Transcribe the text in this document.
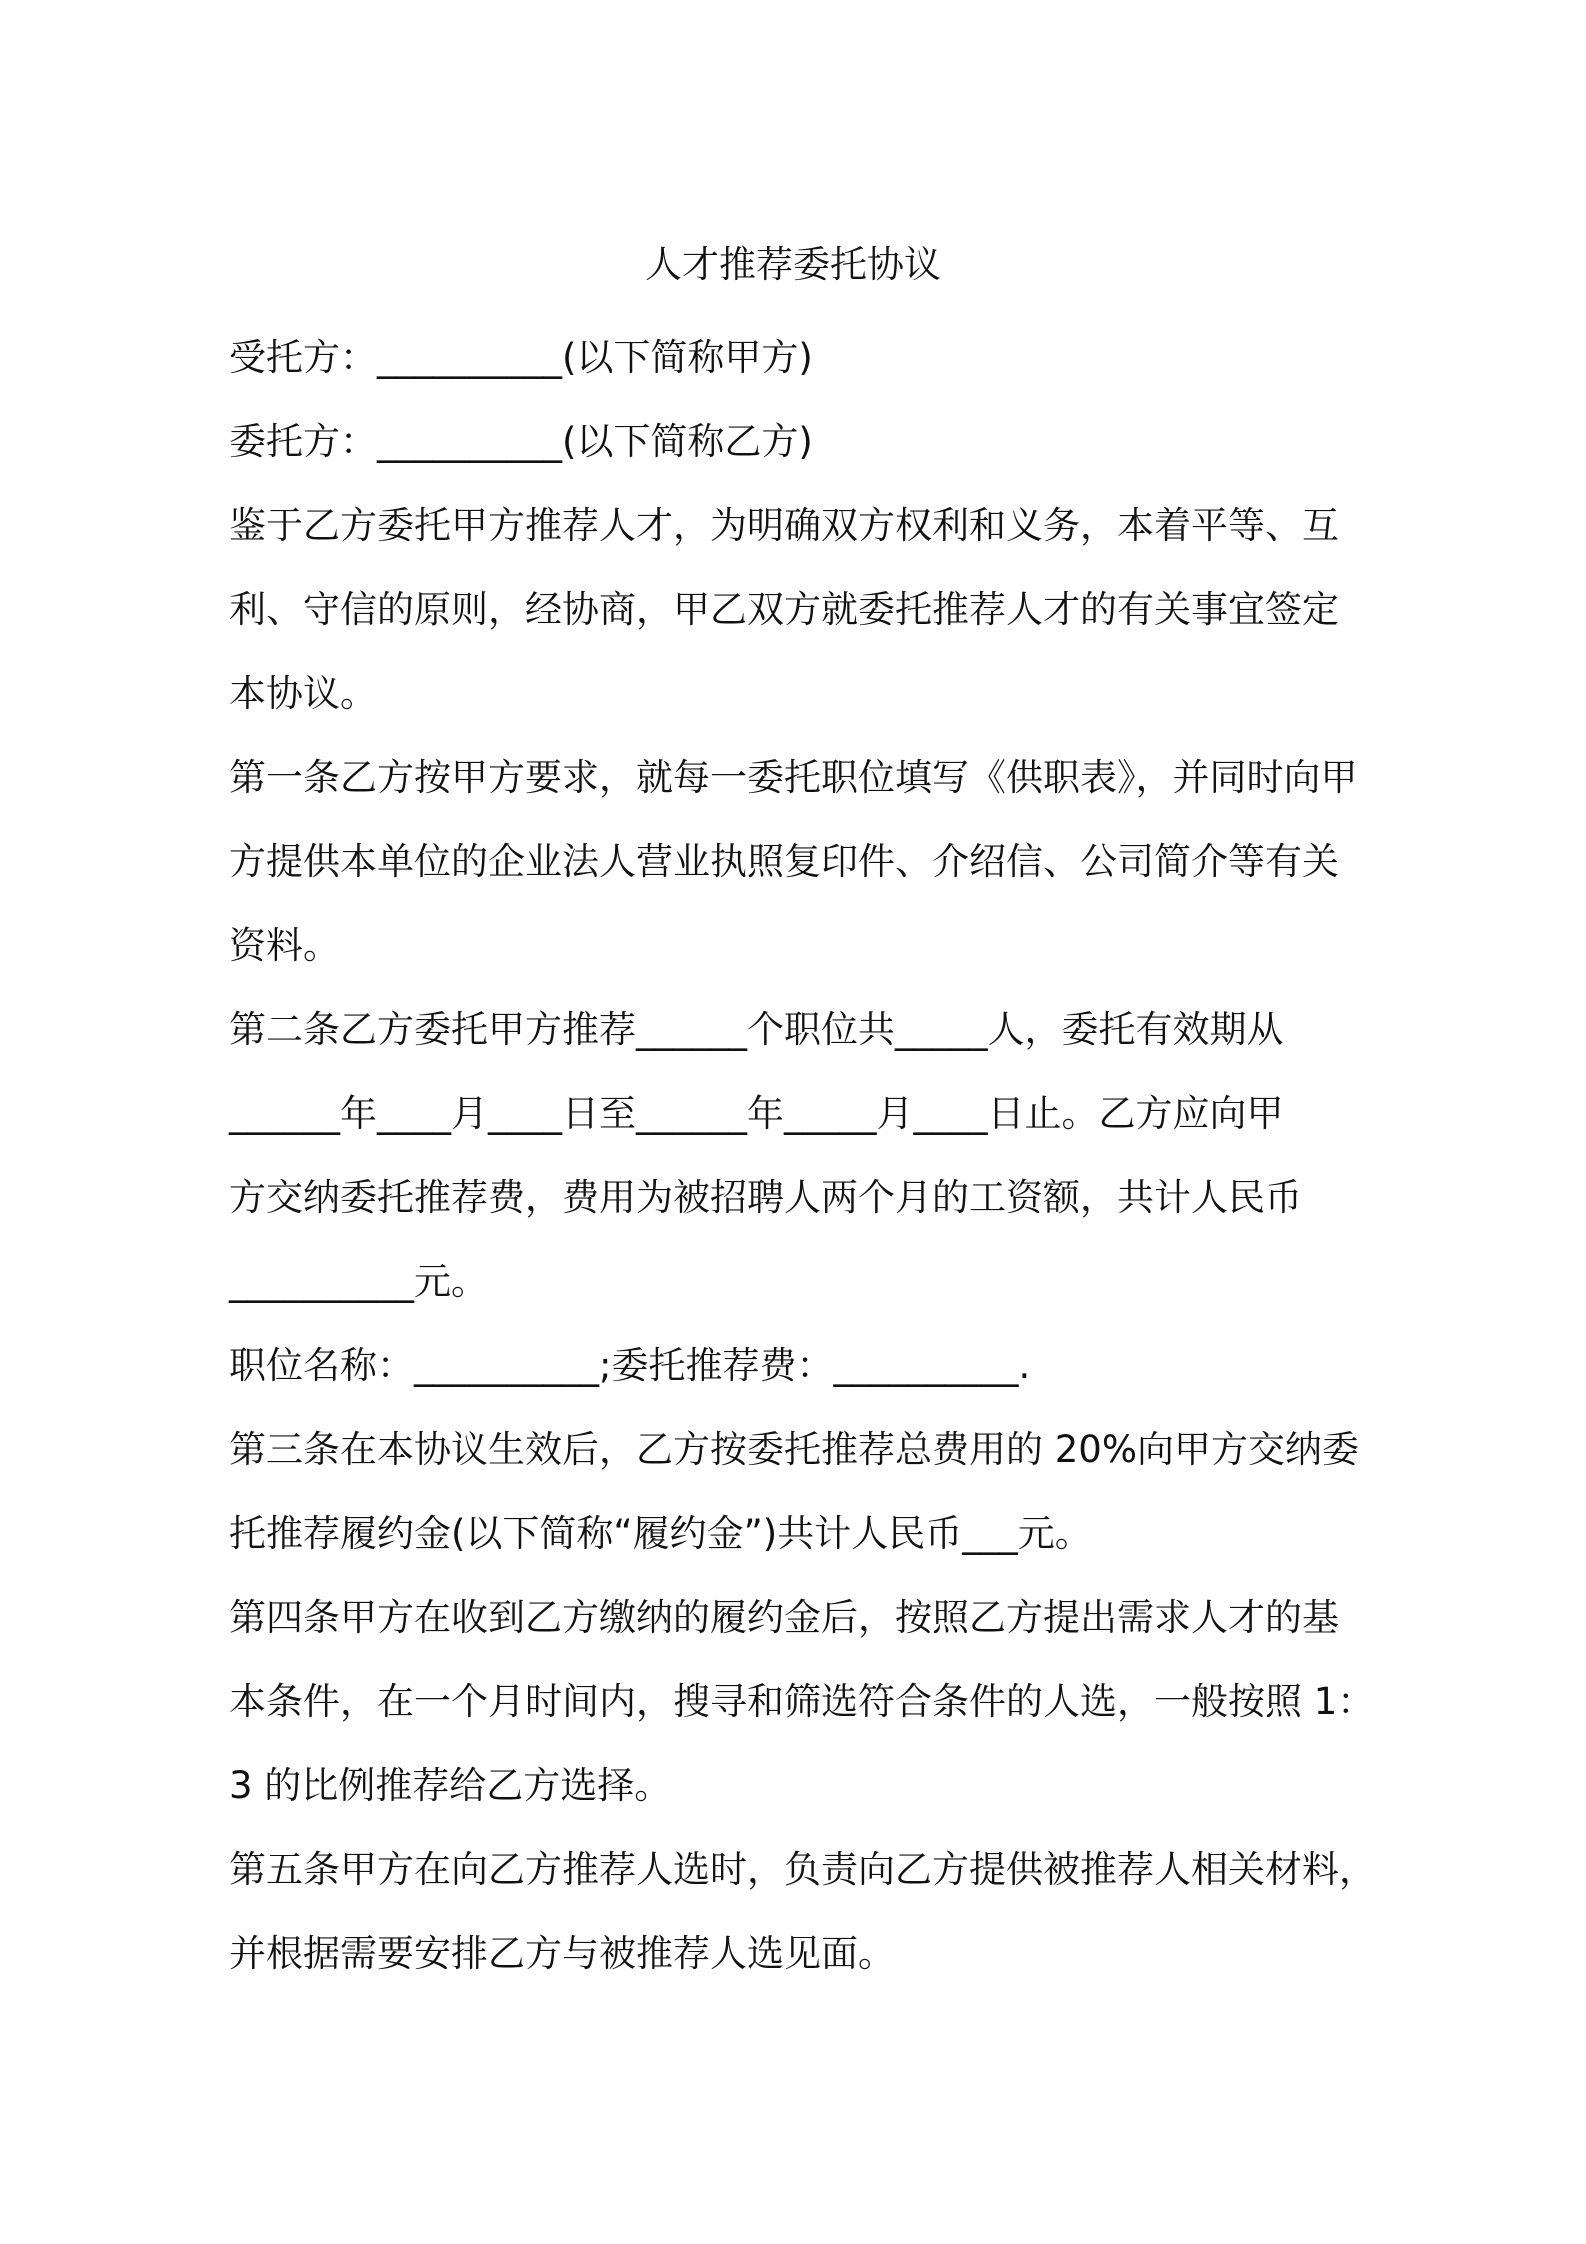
人才推荐委托协议

受托方：__________(以下简称甲方)

委托方：__________(以下简称乙方)

鉴于乙方委托甲方推荐人才，为明确双方权利和义务，本着平等、互

利、守信的原则，经协商，甲乙双方就委托推荐人才的有关事宜签定

本协议。

第一条乙方按甲方要求，就每一委托职位填写《供职表》，并同时向甲

方提供本单位的企业法人营业执照复印件、介绍信、公司简介等有关

资料。

第二条乙方委托甲方推荐______个职位共_____人，委托有效期从

______年____月____日至______年_____月____日止。乙方应向甲

方交纳委托推荐费，费用为被招聘人两个月的工资额，共计人民币

__________元。

职位名称：__________;委托推荐费：__________.

第三条在本协议生效后，乙方按委托推荐总费用的 20%向甲方交纳委

托推荐履约金(以下简称“履约金”)共计人民币___元。

第四条甲方在收到乙方缴纳的履约金后，按照乙方提出需求人才的基

本条件，在一个月时间内，搜寻和筛选符合条件的人选，一般按照 1：

3 的比例推荐给乙方选择。

第五条甲方在向乙方推荐人选时，负责向乙方提供被推荐人相关材料，

并根据需要安排乙方与被推荐人选见面。
